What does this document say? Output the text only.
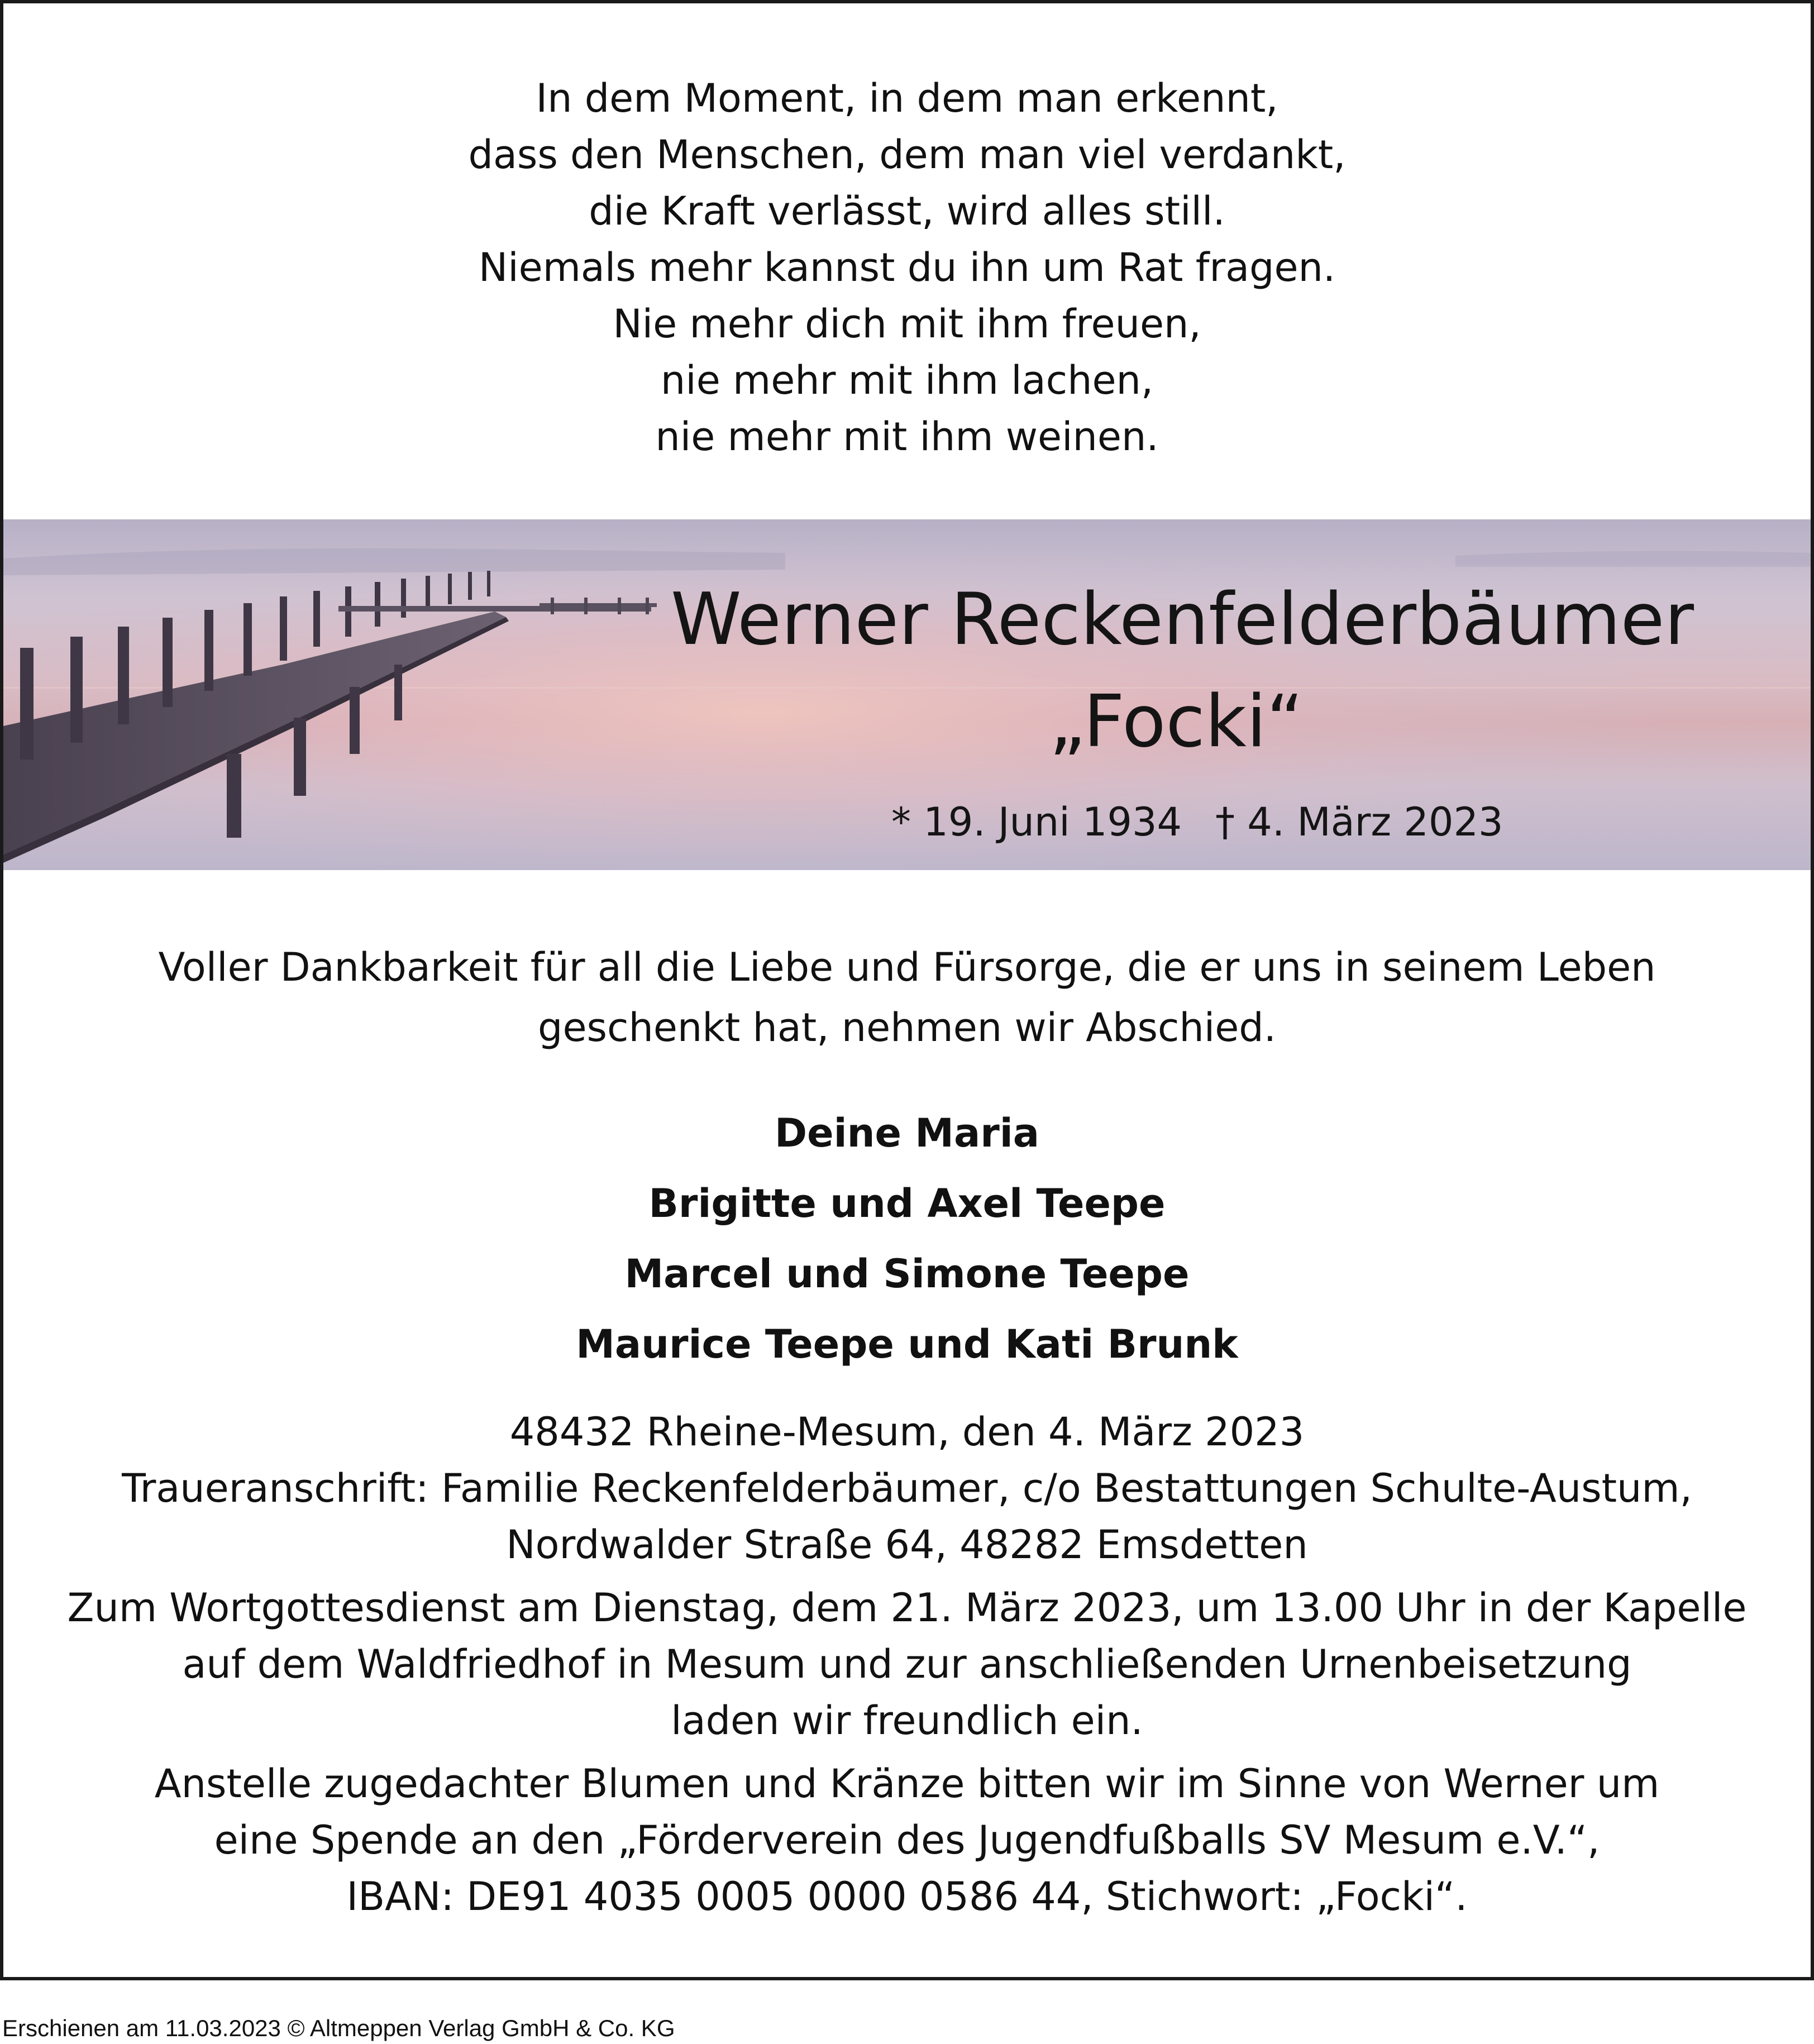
In dem Moment, in dem man erkennt,
dass den Menschen, dem man viel verdankt,
die Kraft verlässt, wird alles still.
Niemals mehr kannst du ihn um Rat fragen.
Nie mehr dich mit ihm freuen,
nie mehr mit ihm lachen,
nie mehr mit ihm weinen.
Werner Reckenfelderbäumer
„Focki“
* 19. Juni 1934 † 4. März 2023
Voller Dankbarkeit für all die Liebe und Fürsorge, die er uns in seinem Leben
geschenkt hat, nehmen wir Abschied.
Deine Maria
Brigitte und Axel Teepe
Marcel und Simone Teepe
Maurice Teepe und Kati Brunk
48432 Rheine-Mesum, den 4. März 2023
Traueranschrift: Familie Reckenfelderbäumer, c/o Bestattungen Schulte-Austum,
Nordwalder Straße 64, 48282 Emsdetten
Zum Wortgottesdienst am Dienstag, dem 21. März 2023, um 13.00 Uhr in der Kapelle
auf dem Waldfriedhof in Mesum und zur anschließenden Urnenbeisetzung
laden wir freundlich ein.
Anstelle zugedachter Blumen und Kränze bitten wir im Sinne von Werner um
eine Spende an den „Förderverein des Jugendfußballs SV Mesum e.V.“,
IBAN: DE91 4035 0005 0000 0586 44, Stichwort: „Focki“.
Erschienen am 11.03.2023 © Altmeppen Verlag GmbH & Co. KG
